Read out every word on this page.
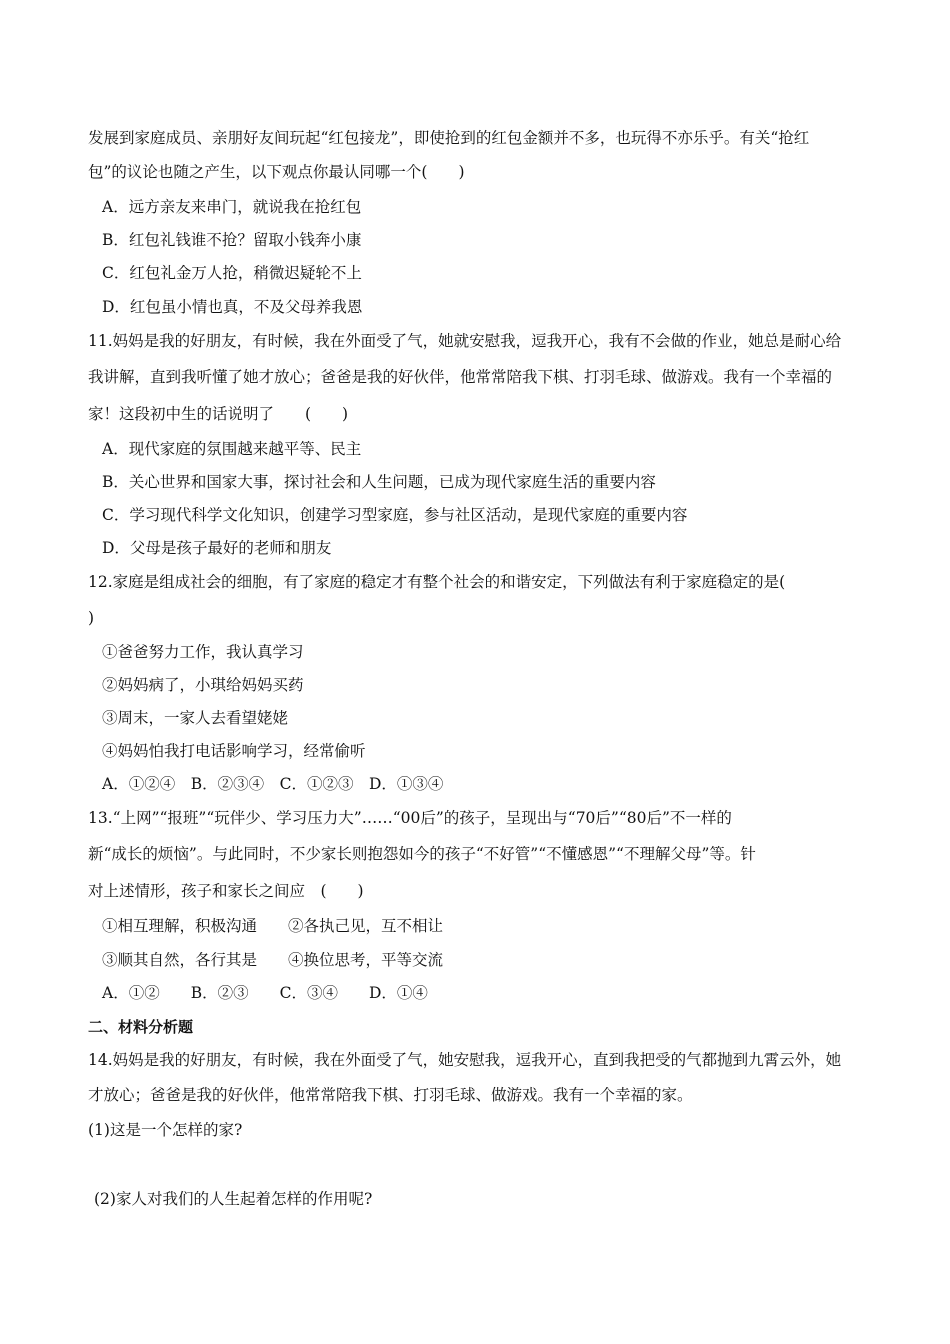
发展到家庭成员、亲朋好友间玩起“红包接龙”，即使抢到的红包金额并不多，也玩得不亦乐乎。有关“抢红
包”的议论也随之产生，以下观点你最认同哪一个(　　)
A．远方亲友来串门，就说我在抢红包
B．红包礼钱谁不抢？留取小钱奔小康
C．红包礼金万人抢，稍微迟疑轮不上
D．红包虽小情也真，不及父母养我恩
11.妈妈是我的好朋友，有时候，我在外面受了气，她就安慰我，逗我开心，我有不会做的作业，她总是耐心给
我讲解，直到我听懂了她才放心；爸爸是我的好伙伴，他常常陪我下棋、打羽毛球、做游戏。我有一个幸福的
家！这段初中生的话说明了　　(　　)
A．现代家庭的氛围越来越平等、民主
B．关心世界和国家大事，探讨社会和人生问题，已成为现代家庭生活的重要内容
C．学习现代科学文化知识，创建学习型家庭，参与社区活动，是现代家庭的重要内容
D．父母是孩子最好的老师和朋友
12.家庭是组成社会的细胞，有了家庭的稳定才有整个社会的和谐安定，下列做法有利于家庭稳定的是(
)
①爸爸努力工作，我认真学习
②妈妈病了，小琪给妈妈买药
③周末，一家人去看望姥姥
④妈妈怕我打电话影响学习，经常偷听
A．①②④　B．②③④　C．①②③　D．①③④
13.“上网”“报班”“玩伴少、学习压力大”……“00后”的孩子，呈现出与“70后”“80后”不一样的
新“成长的烦恼”。与此同时，不少家长则抱怨如今的孩子“不好管”“不懂感恩”“不理解父母”等。针
对上述情形，孩子和家长之间应　(　　)
①相互理解，积极沟通　　②各执己见，互不相让
③顺其自然，各行其是　　④换位思考，平等交流
A．①②　　B．②③　　C．③④　　D．①④
二、材料分析题
14.妈妈是我的好朋友，有时候，我在外面受了气，她安慰我，逗我开心，直到我把受的气都抛到九霄云外，她
才放心；爸爸是我的好伙伴，他常常陪我下棋、打羽毛球、做游戏。我有一个幸福的家。
(1)这是一个怎样的家?
(2)家人对我们的人生起着怎样的作用呢?
